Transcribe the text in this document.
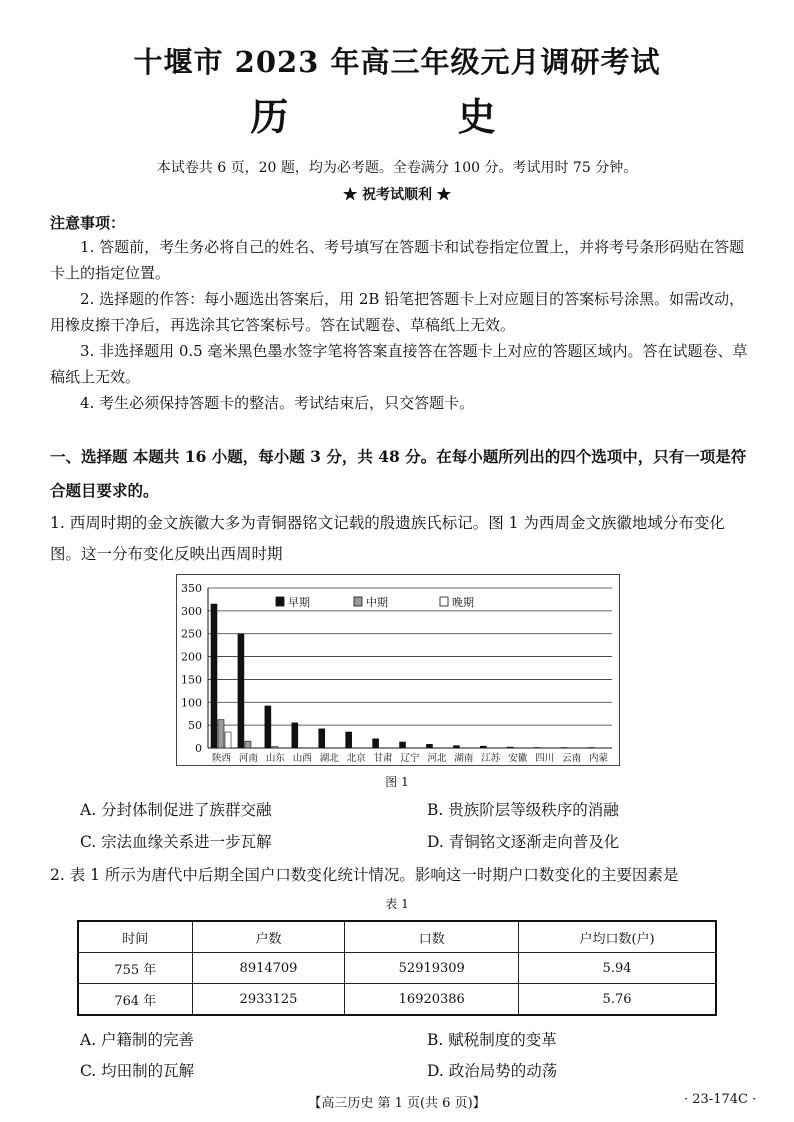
十堰市 2023 年高三年级元月调研考试
历 史
本试卷共 6 页，20 题，均为必考题。全卷满分 100 分。考试用时 75 分钟。
★ 祝考试顺利 ★
注意事项：
1. 答题前，考生务必将自己的姓名、考号填写在答题卡和试卷指定位置上，并将考号条形码贴在答题卡上的指定位置。
2. 选择题的作答：每小题选出答案后，用 2B 铅笔把答题卡上对应题目的答案标号涂黑。如需改动，用橡皮擦干净后，再选涂其它答案标号。答在试题卷、草稿纸上无效。
3. 非选择题用 0.5 毫米黑色墨水签字笔将答案直接答在答题卡上对应的答题区域内。答在试题卷、草稿纸上无效。
4. 考生必须保持答题卡的整洁。考试结束后，只交答题卡。
一、选择题 本题共 16 小题，每小题 3 分，共 48 分。在每小题所列出的四个选项中，只有一项是符合题目要求的。
1. 西周时期的金文族徽大多为青铜器铭文记载的殷遗族氏标记。图 1 为西周金文族徽地域分布变化图。这一分布变化反映出西周时期
0
50
100
150
200
250
300
350
陕西 河南 山东 山西 湖北 北京 甘肃 辽宁 河北 湖南 江苏 安徽 四川 云南 内蒙
早期	中期	晚期
图 1
A. 分封体制促进了族群交融	B. 贵族阶层等级秩序的消融
C. 宗法血缘关系进一步瓦解	D. 青铜铭文逐渐走向普及化
2. 表 1 所示为唐代中后期全国户口数变化统计情况。影响这一时期户口数变化的主要因素是
表 1
时间	户数	口数	户均口数(户)
755 年	8914709	52919309	5.94
764 年	2933125	16920386	5.76
A. 户籍制的完善	B. 赋税制度的变革
C. 均田制的瓦解	D. 政治局势的动荡
【高三历史 第 1 页(共 6 页)】	· 23-174C ·
